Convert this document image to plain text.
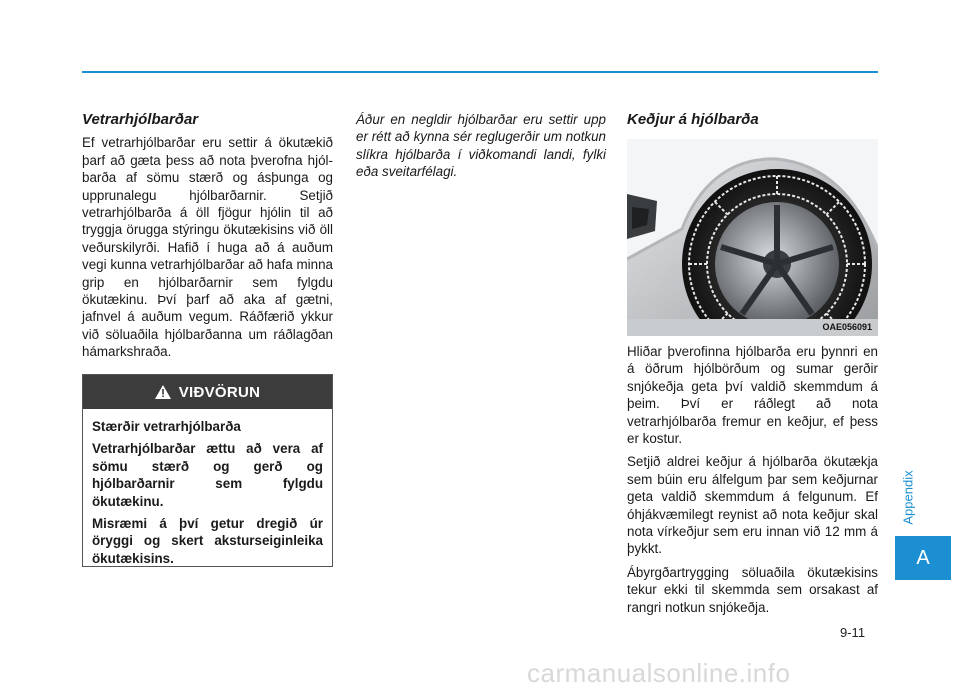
Vetrarhjólbarðar

Ef vetrarhjólbarðar eru settir á ökutækið þarf að gæta þess að nota þverofna hjól- barða af sömu stærð og ásþunga og upprunalegu hjólbarðarnir. Setjið vetrarhjólbarða á öll fjögur hjólin til að tryggja örugga stýringu ökutækisins við öll veðurskilyrði. Hafið í huga að á auðum vegi kunna vetrarhjólbarðar að hafa minna grip en hjólbarðarnir sem fylgdu ökutækinu. Því þarf að aka af gætni, jafnvel á auðum vegum. Ráðfærið ykkur við söluaðila hjólbarðanna um ráðlagðan hámarkshraða.

VIÐVÖRUN

Stærðir vetrarhjólbarða

Vetrarhjólbarðar ættu að vera af sömu stærð og gerð og hjólbarðarnir sem fylgdu ökutækinu.

Misræmi á því getur dregið úr öryggi og skert aksturseiginleika ökutækisins.

Áður en negldir hjólbarðar eru settir upp er rétt að kynna sér reglugerðir um notkun slíkra hjólbarða í viðkomandi landi, fylki eða sveitarfélagi.

Keðjur á hjólbarða

OAE056091

Hliðar þverofinna hjólbarða eru þynnri en á öðrum hjólbörðum og sumar gerðir snjókeðja geta því valdið skemmdum á þeim. Því er ráðlegt að nota vetrarhjólbarða fremur en keðjur, ef þess er kostur.

Setjið aldrei keðjur á hjólbarða ökutækja sem búin eru álfelgum þar sem keðjurnar geta valdið skemmdum á felgunum. Ef óhjákvæmilegt reynist að nota keðjur skal nota vírkeðjur sem eru innan við 12 mm á þykkt.

Ábyrgðartrygging söluaðila ökutækisins tekur ekki til skemmda sem orsakast af rangri notkun snjókeðja.

Appendix
A
9-11
carmanualsonline.info
